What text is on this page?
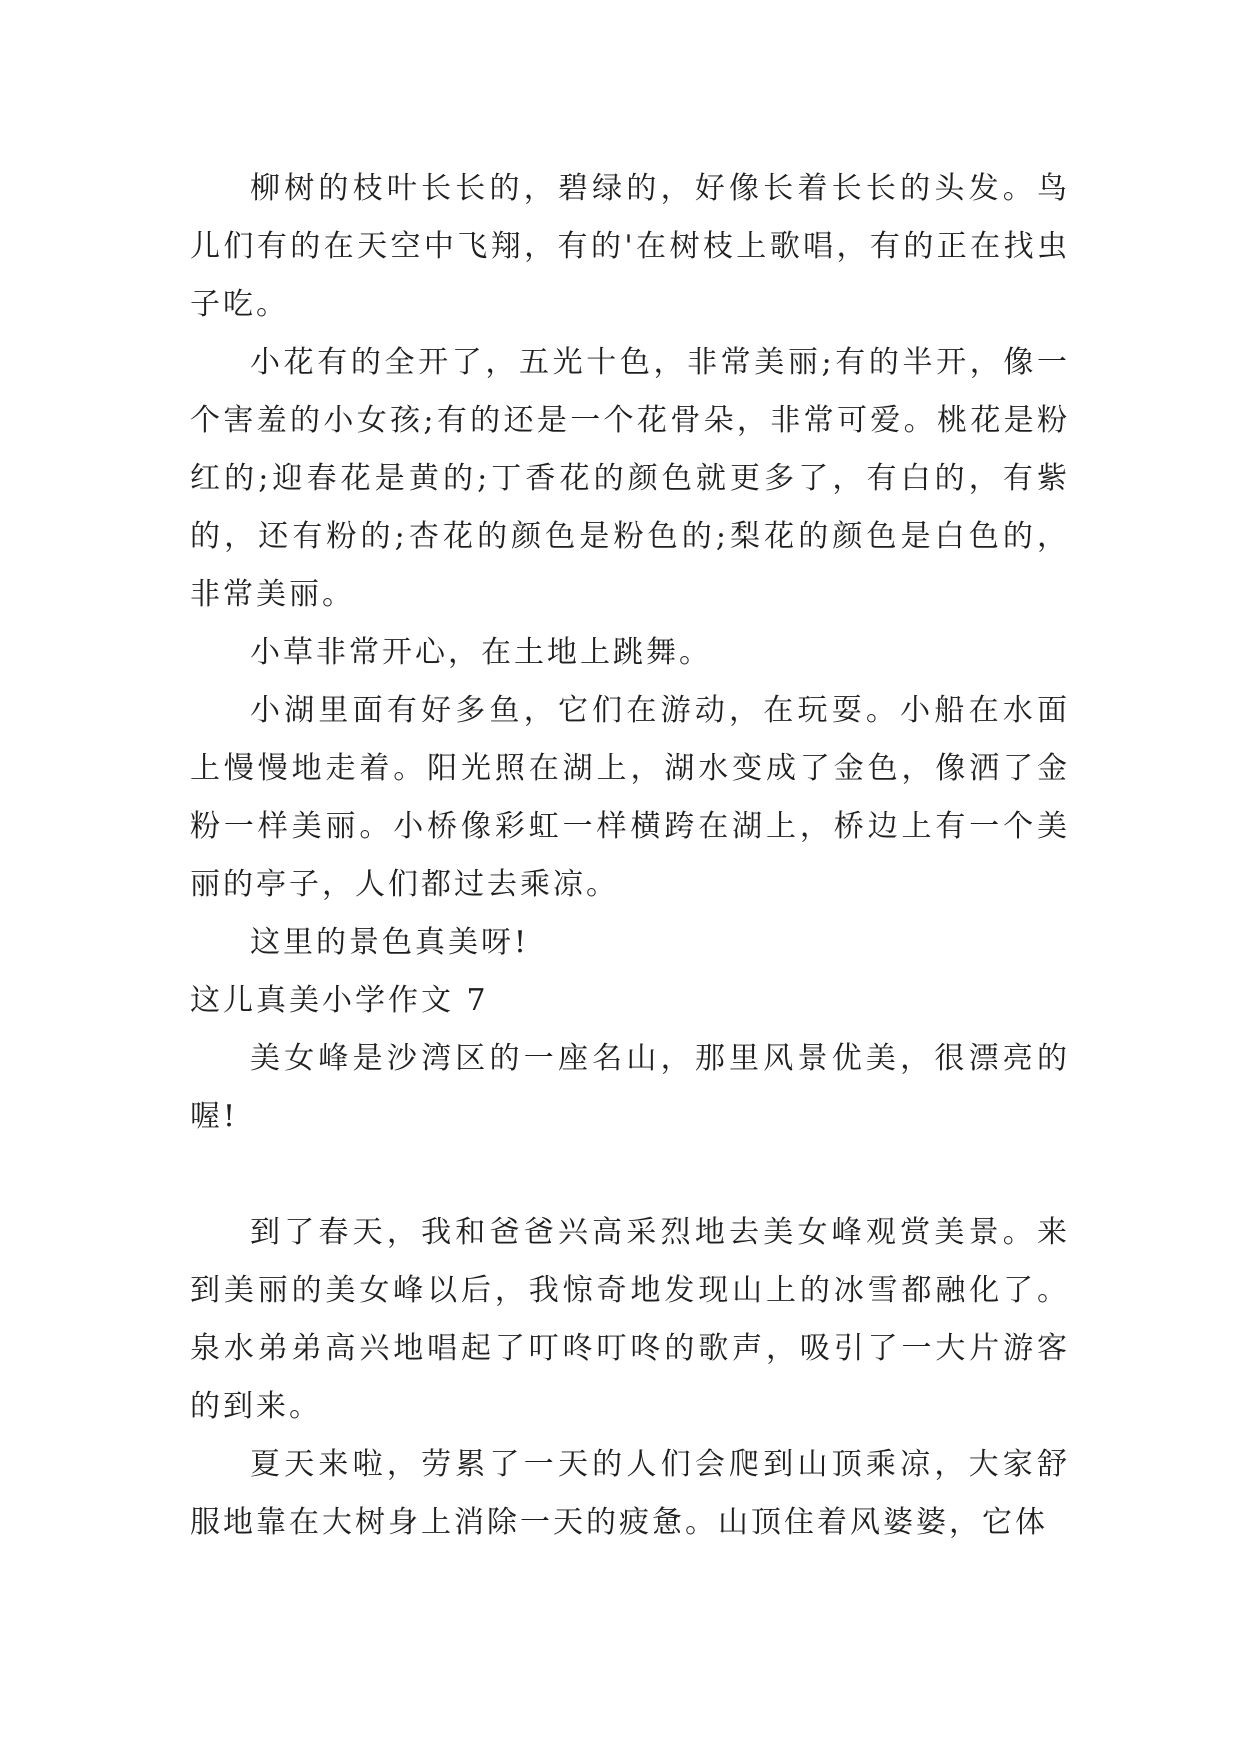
柳树的枝叶长长的，碧绿的，好像长着长长的头发。鸟儿们有的在天空中飞翔，有的'在树枝上歌唱，有的正在找虫子吃。

小花有的全开了，五光十色，非常美丽;有的半开，像一个害羞的小女孩;有的还是一个花骨朵，非常可爱。桃花是粉红的;迎春花是黄的;丁香花的颜色就更多了，有白的，有紫的，还有粉的;杏花的颜色是粉色的;梨花的颜色是白色的，非常美丽。

小草非常开心，在土地上跳舞。

小湖里面有好多鱼，它们在游动，在玩耍。小船在水面上慢慢地走着。阳光照在湖上，湖水变成了金色，像洒了金粉一样美丽。小桥像彩虹一样横跨在湖上，桥边上有一个美丽的亭子，人们都过去乘凉。

这里的景色真美呀!

这儿真美小学作文 7

美女峰是沙湾区的一座名山，那里风景优美，很漂亮的喔!

到了春天，我和爸爸兴高采烈地去美女峰观赏美景。来到美丽的美女峰以后，我惊奇地发现山上的冰雪都融化了。泉水弟弟高兴地唱起了叮咚叮咚的歌声，吸引了一大片游客的到来。

夏天来啦，劳累了一天的人们会爬到山顶乘凉，大家舒服地靠在大树身上消除一天的疲惫。山顶住着风婆婆，它体
